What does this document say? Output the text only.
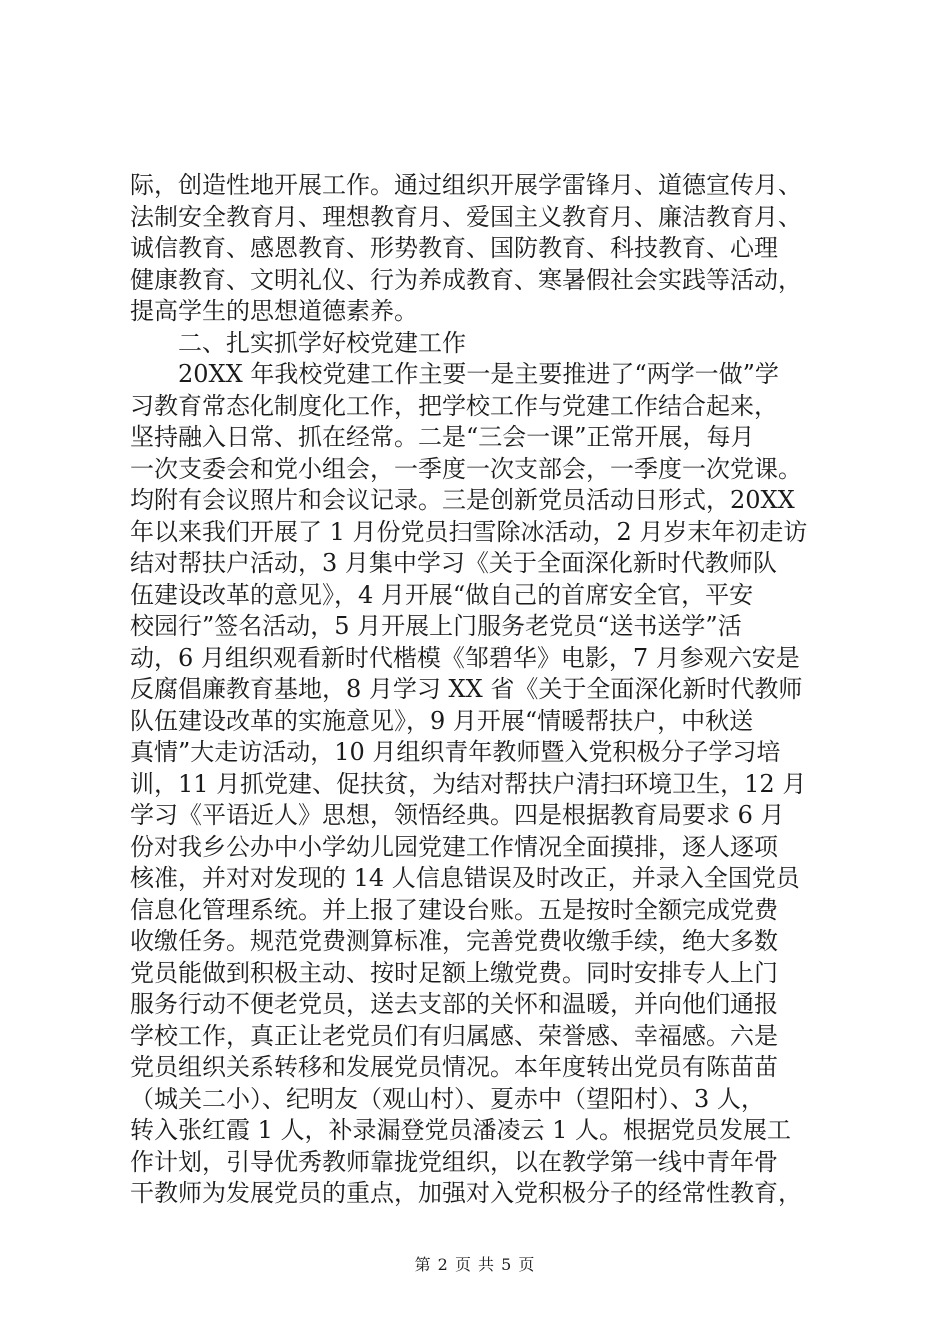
际，创造性地开展工作。通过组织开展学雷锋月、道德宣传月、
法制安全教育月、理想教育月、爱国主义教育月、廉洁教育月、
诚信教育、感恩教育、形势教育、国防教育、科技教育、心理
健康教育、文明礼仪、行为养成教育、寒暑假社会实践等活动，
提高学生的思想道德素养。
二、扎实抓学好校党建工作
20XX 年我校党建工作主要一是主要推进了“两学一做”学
习教育常态化制度化工作，把学校工作与党建工作结合起来，
坚持融入日常、抓在经常。二是“三会一课”正常开展，每月
一次支委会和党小组会，一季度一次支部会，一季度一次党课。
均附有会议照片和会议记录。三是创新党员活动日形式，20XX
年以来我们开展了 1 月份党员扫雪除冰活动，2 月岁末年初走访
结对帮扶户活动，3 月集中学习《关于全面深化新时代教师队
伍建设改革的意见》，4 月开展“做自己的首席安全官，平安
校园行”签名活动，5 月开展上门服务老党员“送书送学”活
动，6 月组织观看新时代楷模《邹碧华》电影，7 月参观六安是
反腐倡廉教育基地，8 月学习 XX 省《关于全面深化新时代教师
队伍建设改革的实施意见》，9 月开展“情暖帮扶户，中秋送
真情”大走访活动，10 月组织青年教师暨入党积极分子学习培
训，11 月抓党建、促扶贫，为结对帮扶户清扫环境卫生，12 月
学习《平语近人》思想，领悟经典。四是根据教育局要求 6 月
份对我乡公办中小学幼儿园党建工作情况全面摸排，逐人逐项
核准，并对对发现的 14 人信息错误及时改正，并录入全国党员
信息化管理系统。并上报了建设台账。五是按时全额完成党费
收缴任务。规范党费测算标准，完善党费收缴手续，绝大多数
党员能做到积极主动、按时足额上缴党费。同时安排专人上门
服务行动不便老党员，送去支部的关怀和温暖，并向他们通报
学校工作，真正让老党员们有归属感、荣誉感、幸福感。六是
党员组织关系转移和发展党员情况。本年度转出党员有陈苗苗
（城关二小）、纪明友（观山村）、夏赤中（望阳村）、3 人，
转入张红霞 1 人，补录漏登党员潘凌云 1 人。根据党员发展工
作计划，引导优秀教师靠拢党组织，以在教学第一线中青年骨
干教师为发展党员的重点，加强对入党积极分子的经常性教育，
第 2 页 共 5 页
